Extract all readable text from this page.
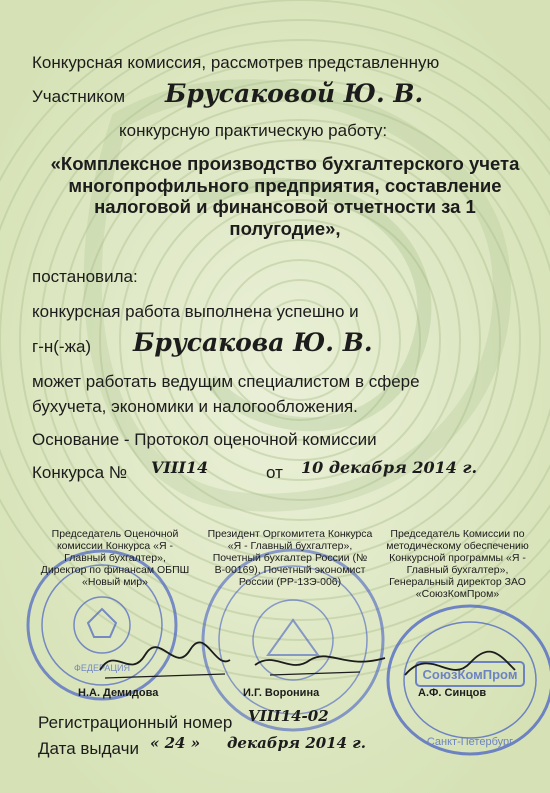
Конкурсная комиссия, рассмотрев представленную
Участником Брусаковой Ю. В.
конкурсную практическую работу:
«Комплексное производство бухгалтерского учета многопрофильного предприятия, составление налоговой и финансовой отчетности за 1 полугодие»,
постановила:
конкурсная работа выполнена успешно и
г-н(-жа) Брусакова Ю. В.
может работать ведущим специалистом в сфере
бухучета, экономики и налогообложения.
Основание - Протокол оценочной комиссии
Конкурса № VIII14	от 10 декабря 2014 г.
ФЕДЕРАЦИЯ	СоюзКомПром
Санкт-Петербург
Председатель Оценочной комиссии Конкурса «Я - Главный бухгалтер», Директор по финансам ОБПШ «Новый мир»
Президент Оргкомитета Конкурса «Я - Главный бухгалтер», Почетный бухгалтер России (№ В-00169), Почетный экономист России (РР-13Э-006)
Председатель Комиссии по методическому обеспечению Конкурсной программы «Я - Главный бухгалтер», Генеральный директор ЗАО «СоюзКомПром»
Н.А. Демидова	И.Г. Воронина	А.Ф. Синцов
Регистрационный номер VIII14-02
Дата выдачи « 24 » декабря 2014 г.
